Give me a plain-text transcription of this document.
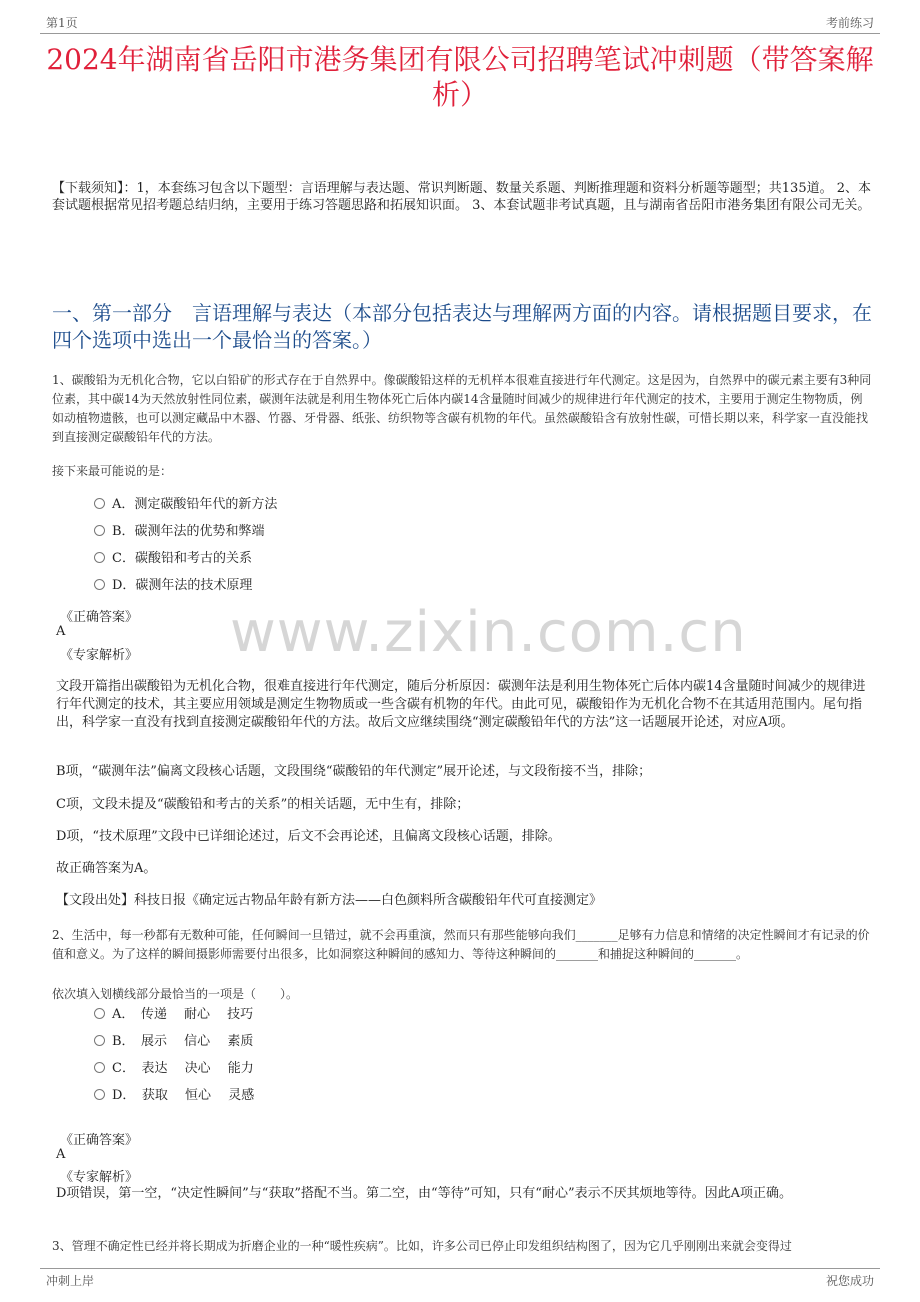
第1页	考前练习
2024年湖南省岳阳市港务集团有限公司招聘笔试冲刺题（带答案解析）
【下载须知】：1，本套练习包含以下题型：言语理解与表达题、常识判断题、数量关系题、判断推理题和资料分析题等题型；共135道。 2、本套试题根据常见招考题总结归纳，主要用于练习答题思路和拓展知识面。 3、本套试题非考试真题，且与湖南省岳阳市港务集团有限公司无关。
一、第一部分　言语理解与表达（本部分包括表达与理解两方面的内容。请根据题目要求，在四个选项中选出一个最恰当的答案。）
www.zixin.com.cn
1、碳酸铅为无机化合物，它以白铅矿的形式存在于自然界中。像碳酸铅这样的无机样本很难直接进行年代测定。这是因为，自然界中的碳元素主要有3种同位素，其中碳14为天然放射性同位素，碳测年法就是利用生物体死亡后体内碳14含量随时间减少的规律进行年代测定的技术，主要用于测定生物物质，例如动植物遗骸，也可以测定藏品中木器、竹器、牙骨器、纸张、纺织物等含碳有机物的年代。虽然碳酸铅含有放射性碳，可惜长期以来，科学家一直没能找到直接测定碳酸铅年代的方法。
接下来最可能说的是：
A．测定碳酸铅年代的新方法
B．碳测年法的优势和弊端
C．碳酸铅和考古的关系
D．碳测年法的技术原理
《正确答案》
A
《专家解析》
文段开篇指出碳酸铅为无机化合物，很难直接进行年代测定，随后分析原因：碳测年法是利用生物体死亡后体内碳14含量随时间减少的规律进行年代测定的技术，其主要应用领域是测定生物物质或一些含碳有机物的年代。由此可见，碳酸铅作为无机化合物不在其适用范围内。尾句指出，科学家一直没有找到直接测定碳酸铅年代的方法。故后文应继续围绕“测定碳酸铅年代的方法”这一话题展开论述，对应A项。
B项，“碳测年法”偏离文段核心话题，文段围绕“碳酸铅的年代测定”展开论述，与文段衔接不当，排除；
C项，文段未提及“碳酸铅和考古的关系”的相关话题，无中生有，排除；
D项，“技术原理”文段中已详细论述过，后文不会再论述，且偏离文段核心话题，排除。
故正确答案为A。
【文段出处】科技日报《确定远古物品年龄有新方法——白色颜料所含碳酸铅年代可直接测定》
2、生活中，每一秒都有无数种可能，任何瞬间一旦错过，就不会再重演，然而只有那些能够向我们_______足够有力信息和情绪的决定性瞬间才有记录的价值和意义。为了这样的瞬间摄影师需要付出很多，比如洞察这种瞬间的感知力、等待这种瞬间的_______和捕捉这种瞬间的_______。
依次填入划横线部分最恰当的一项是（　　）。
A．　传递　 耐心　 技巧
B．　展示　 信心　 素质
C．　表达　 决心　 能力
D．　获取　 恒心　 灵感
《正确答案》
A
《专家解析》
D项错误，第一空，“决定性瞬间”与“获取”搭配不当。第二空，由“等待”可知，只有“耐心”表示不厌其烦地等待。因此A项正确。
3、管理不确定性已经并将长期成为折磨企业的一种“暖性疾病”。比如，许多公司已停止印发组织结构图了，因为它几乎刚刚出来就会变得过
冲刺上岸	祝您成功
